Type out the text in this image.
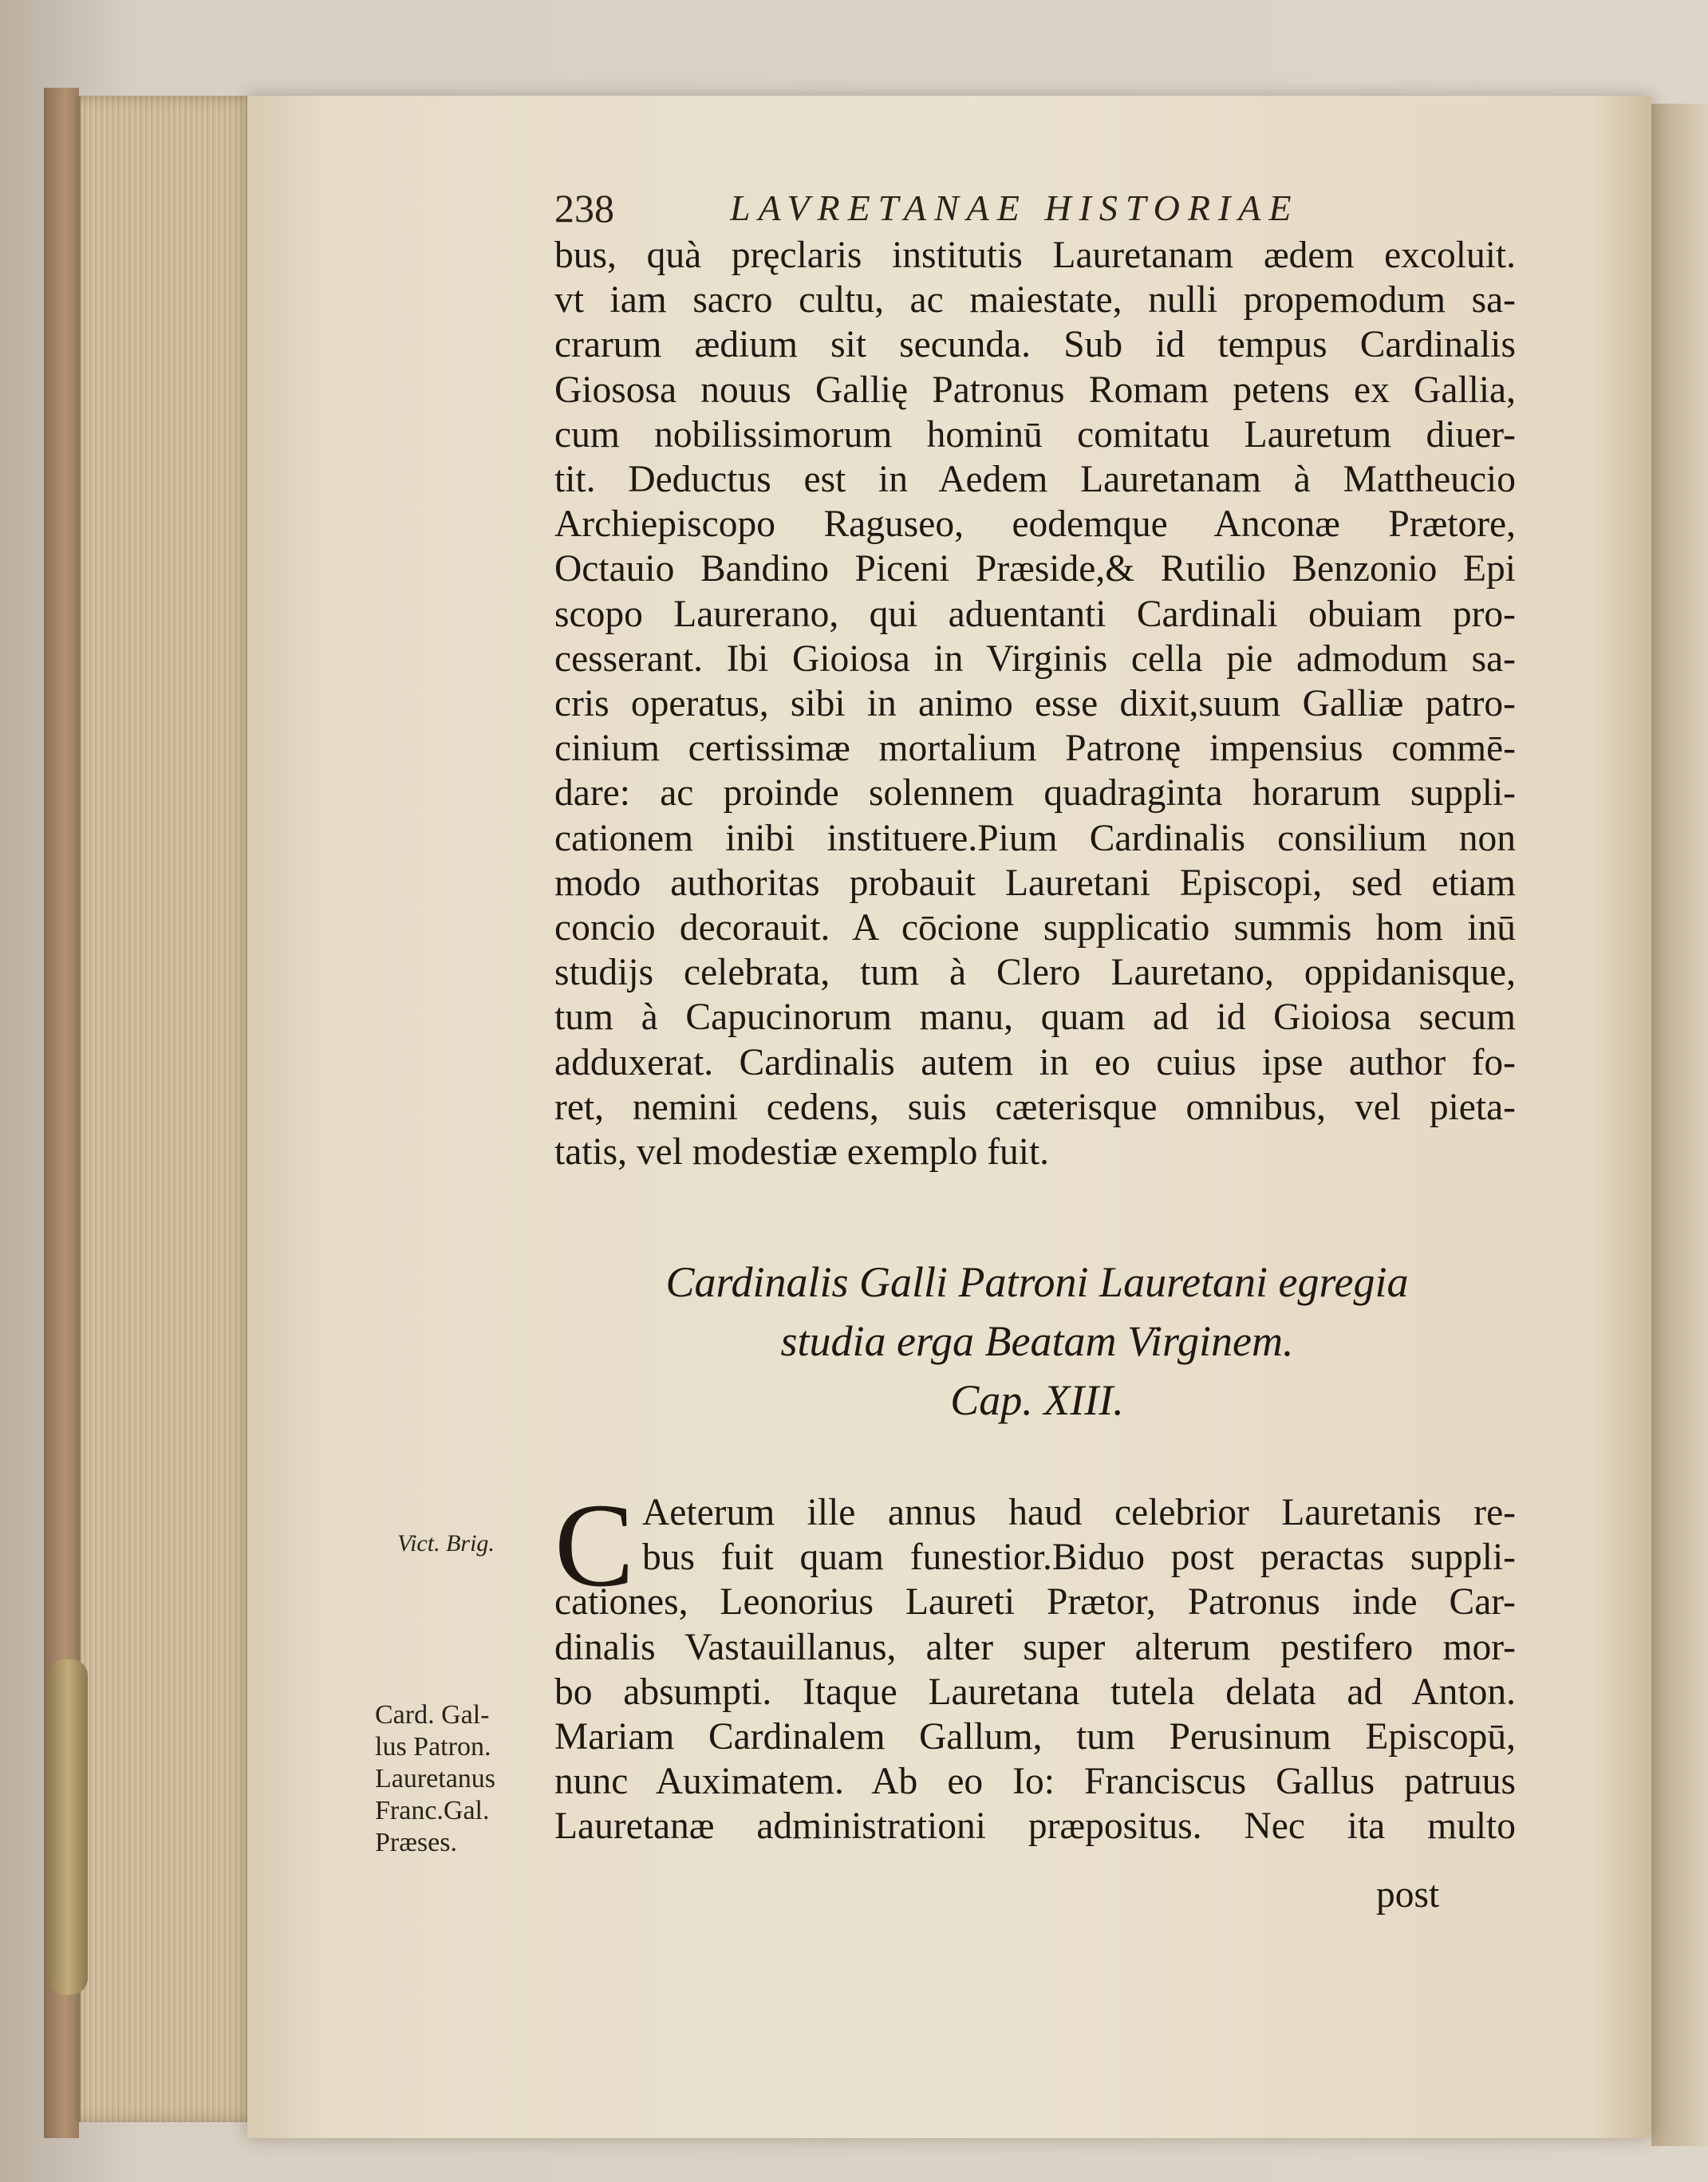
238	LAVRETANAE HISTORIAE
bus, quà pręclaris institutis Lauretanam ædem excoluit.
vt iam sacro cultu, ac maiestate, nulli propemodum sa-
crarum ædium sit secunda. Sub id tempus Cardinalis
Giososa nouus Gallię Patronus Romam petens ex Gallia,
cum nobilissimorum hominū comitatu Lauretum diuer-
tit. Deductus est in Aedem Lauretanam à Mattheucio
Archiepiscopo Raguseo, eodemque Anconæ Prætore,
Octauio Bandino Piceni Præside,& Rutilio Benzonio Epi
scopo Laurerano, qui aduentanti Cardinali obuiam pro-
cesserant. Ibi Gioiosa in Virginis cella pie admodum sa-
cris operatus, sibi in animo esse dixit,suum Galliæ patro-
cinium certissimæ mortalium Patronę impensius commē-
dare: ac proinde solennem quadraginta horarum suppli-
cationem inibi instituere.Pium Cardinalis consilium non
modo authoritas probauit Lauretani Episcopi, sed etiam
concio decorauit. A cōcione supplicatio summis hom inū
studijs celebrata, tum à Clero Lauretano, oppidanisque,
tum à Capucinorum manu, quam ad id Gioiosa secum
adduxerat. Cardinalis autem in eo cuius ipse author fo-
ret, nemini cedens, suis cæterisque omnibus, vel pieta-
tatis, vel modestiæ exemplo fuit.
Cardinalis Galli Patroni Lauretani egregia
studia erga Beatam Virginem.
Cap. XIII.
C Aeterum ille annus haud celebrior Lauretanis re-
bus fuit quam funestior.Biduo post peractas suppli-
cationes, Leonorius Laureti Prætor, Patronus inde Car-
dinalis Vastauillanus, alter super alterum pestifero mor-
bo absumpti. Itaque Lauretana tutela delata ad Anton.
Mariam Cardinalem Gallum, tum Perusinum Episcopū,
nunc Auximatem. Ab eo Io: Franciscus Gallus patruus
Lauretanæ administrationi præpositus. Nec ita multo
post
Vict. Brig.
Card. Gal-
lus Patron.
Lauretanus
Franc.Gal.
Præses.
